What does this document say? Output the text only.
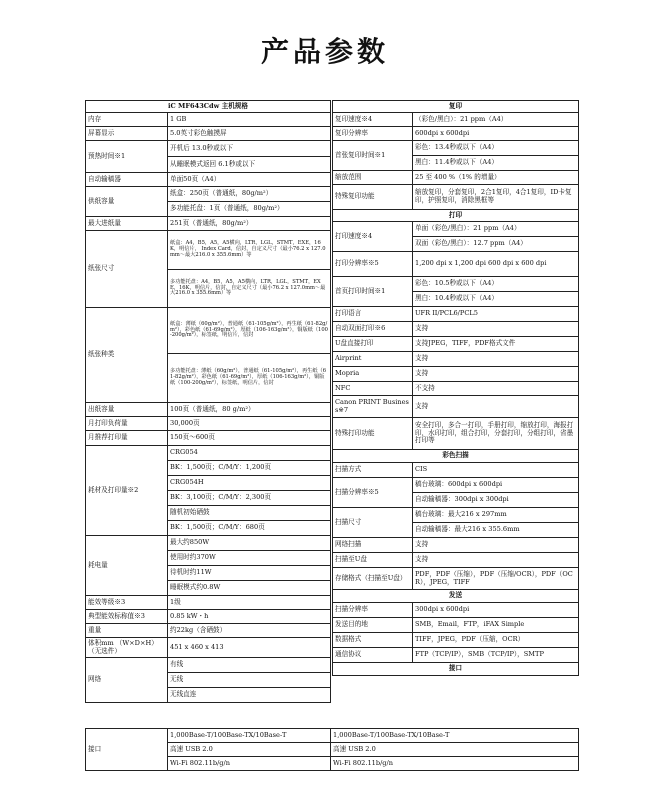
产品参数
iC MF643Cdw 主机规格	
内存	1 GB
屏幕显示	5.0英寸彩色触摸屏
预热时间※1	开机后 13.0秒或以下
	从睡眠模式返回 6.1秒或以下
自动输稿器	单面50页（A4）
供纸容量	纸盒：250页（普通纸，80g/m²）
	多功能托盘：1页（普通纸，80g/m²）
最大进纸量	251页（普通纸，80g/m²）
纸张尺寸	纸盒：A4，B5，A5，A5横向，LTR，LGL，STMT，EXE，16K，明信片， Index Card，信封，自定义尺寸（最小76.2 x 127.0mm～最大216.0 x 355.6mm）等
	多功能托盘：A4，B5，A5，A5横向，LTR，LGL，STMT，EXE，16K，明信片，信封，自定义尺寸（最小76.2 x 127.0mm～最大216.0 x 355.6mm）等
纸张种类	纸盒：薄纸（60g/m²），普通纸（61-105g/m²），再生纸（61-82g/m²），彩色纸（61-69g/m²），厚纸（106-163g/m²），铜版纸（100-200g/m²），标签纸，明信片，信封
	多功能托盘：薄纸（60g/m²），普通纸（61-105g/m²），再生纸（61-82g/m²），彩色纸（61-69g/m²），厚纸（106-163g/m²），铜版纸（100-200g/m²），标签纸，明信片，信封
出纸容量	100页（普通纸，80 g/m²）
月打印负荷量	30,000页
月推荐打印量	150页～600页
耗材及打印量※2	CRG054
	BK：1,500页；C/M/Y：1,200页
	CRG054H
	BK：3,100页；C/M/Y：2,300页
	随机初始硒鼓
	BK：1,500页；C/M/Y：680页
耗电量	最大约850W
	使用时约370W
	待机时约11W
	睡眠模式约0.8W
能效等级※3	1级
典型能效标称值※3	0.85 kW・h
重量	约22kg（含硒鼓）
体积mm （W×D×H）（无选件）	451 x 460 x 413
网络	有线
	无线
	无线直连
复印	
复印速度※4	（彩色/黑白）：21 ppm（A4）
复印分辨率	600dpi x 600dpi
首张复印时间※1	彩色：13.4秒或以下（A4）
	黑白：11.4秒或以下（A4）
缩放范围	25 至 400 %（1% 的增量）
特殊复印功能	缩放复印，分套复印，2合1复印，4合1复印，ID卡复印，护照复印，消除黑框等
打印	
打印速度※4	单面（彩色/黑白）：21 ppm（A4）
	双面（彩色/黑白）：12.7 ppm（A4）
打印分辨率※5	1,200 dpi x 1,200 dpi 600 dpi x 600 dpi
首页打印时间※1	彩色：10.5秒或以下（A4）
	黑白：10.4秒或以下（A4）
打印语言	UFR II/PCL6/PCL5
自动双面打印※6	支持
U盘直接打印	支持JPEG，TIFF，PDF格式文件
Airprint	支持
Mopria	支持
NFC	不支持
Canon PRINT Business※7	支持
特殊打印功能	安全打印，多合一打印，手册打印，缩放打印，海报打印，水印打印，组合打印，分套打印，分组打印，省墨打印等
彩色扫描	
扫描方式	CIS
扫描分辨率※5	稿台玻璃：600dpi x 600dpi
	自动输稿器：300dpi x 300dpi
扫描尺寸	稿台玻璃：最大216 x 297mm
	自动输稿器：最大216 x 355.6mm
网络扫描	支持
扫描至U盘	支持
存储格式（扫描至U盘）	PDF，PDF（压缩），PDF（压缩/OCR），PDF（OCR），JPEG，TIFF
发送	
扫描分辨率	300dpi x 600dpi
发送目的地	SMB，Email，FTP，iFAX Simple
数据格式	TIFF，JPEG，PDF（压缩，OCR）
通信协议	FTP（TCP/IP），SMB（TCP/IP），SMTP
接口	
接口	1,000Base-T/100Base-TX/10Base-T	1,000Base-T/100Base-TX/10Base-T
	高速 USB 2.0	高速 USB 2.0
	Wi-Fi 802.11b/g/n	Wi-Fi 802.11b/g/n
